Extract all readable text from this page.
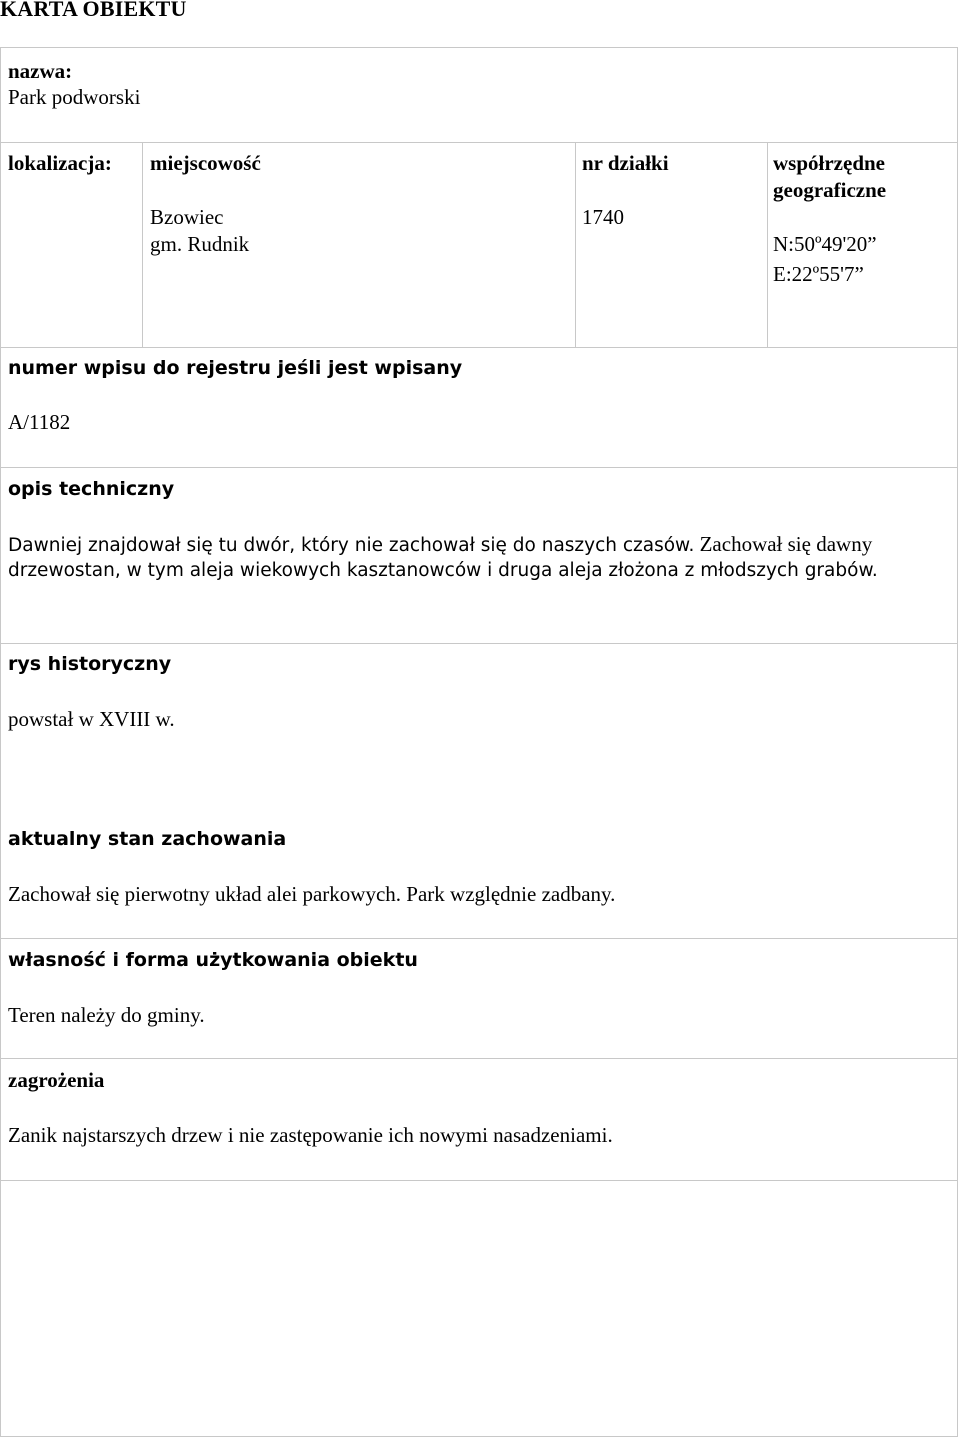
KARTA OBIEKTU
nazwa:
Park podworski
lokalizacja: miejscowość
Bzowiec
gm. Rudnik
nr działki
1740
współrzędne
geograficzne
N:50º49'20”
E:22º55'7”
numer wpisu do rejestru jeśli jest wpisany
A/1182
opis techniczny
Dawniej znajdował się tu dwór, który nie zachował się do naszych czasów. Zachował się dawny
drzewostan, w tym aleja wiekowych kasztanowców i druga aleja złożona z młodszych grabów.
rys historyczny
powstał w XVIII w.
aktualny stan zachowania
Zachował się pierwotny układ alei parkowych. Park względnie zadbany.
własność i forma użytkowania obiektu
Teren należy do gminy.
zagrożenia
Zanik najstarszych drzew i nie zastępowanie ich nowymi nasadzeniami.
